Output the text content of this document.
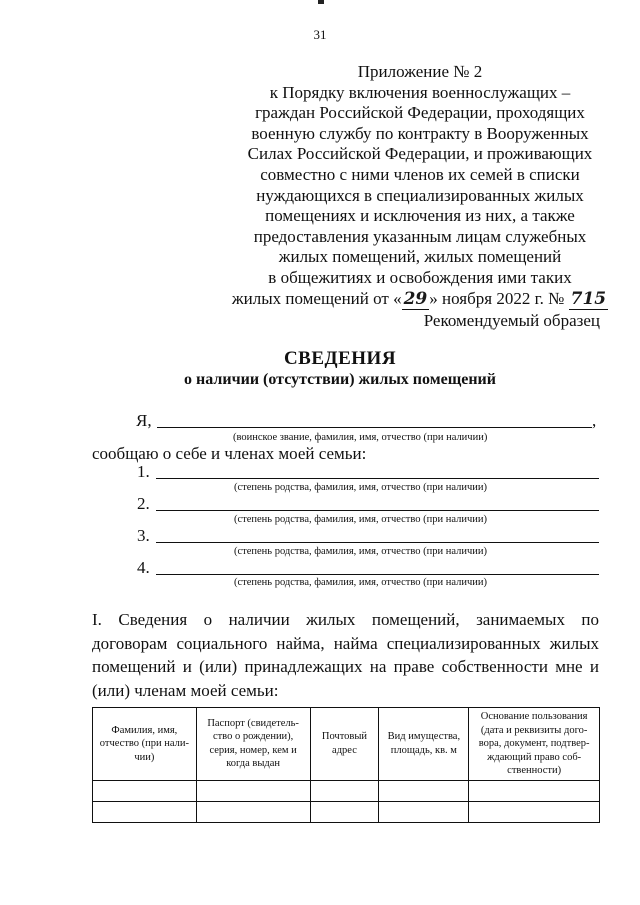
31
Приложение № 2
к Порядку включения военнослужащих –
граждан Российской Федерации, проходящих
военную службу по контракту в Вооруженных
Силах Российской Федерации, и проживающих
совместно с ними членов их семей в списки
нуждающихся в специализированных жилых
помещениях и исключения из них, а также
предоставления указанным лицам служебных
жилых помещений, жилых помещений
в общежитиях и освобождения ими таких
жилых помещений от « 29 » ноября 2022 г. № 715
Рекомендуемый образец
СВЕДЕНИЯ
о наличии (отсутствии) жилых помещений
Я,	,
(воинское звание, фамилия, имя, отчество (при наличии)
сообщаю о себе и членах моей семьи:
1.
(степень родства, фамилия, имя, отчество (при наличии)
2.
(степень родства, фамилия, имя, отчество (при наличии)
3.
(степень родства, фамилия, имя, отчество (при наличии)
4.
(степень родства, фамилия, имя, отчество (при наличии)
I. Сведения о наличии жилых помещений, занимаемых по
договорам социального найма, найма специализированных жилых
помещений и (или) принадлежащих на праве собственности мне и
(или) членам моей семьи:
Фамилия, имя, отчество (при нали-чии)	Паспорт (свидетель-ство о рождении), серия, номер, кем и когда выдан	Почтовый адрес	Вид имущества, площадь, кв. м	Основание пользования (дата и реквизиты дого-вора, документ, подтвер-ждающий право соб-ственности)
